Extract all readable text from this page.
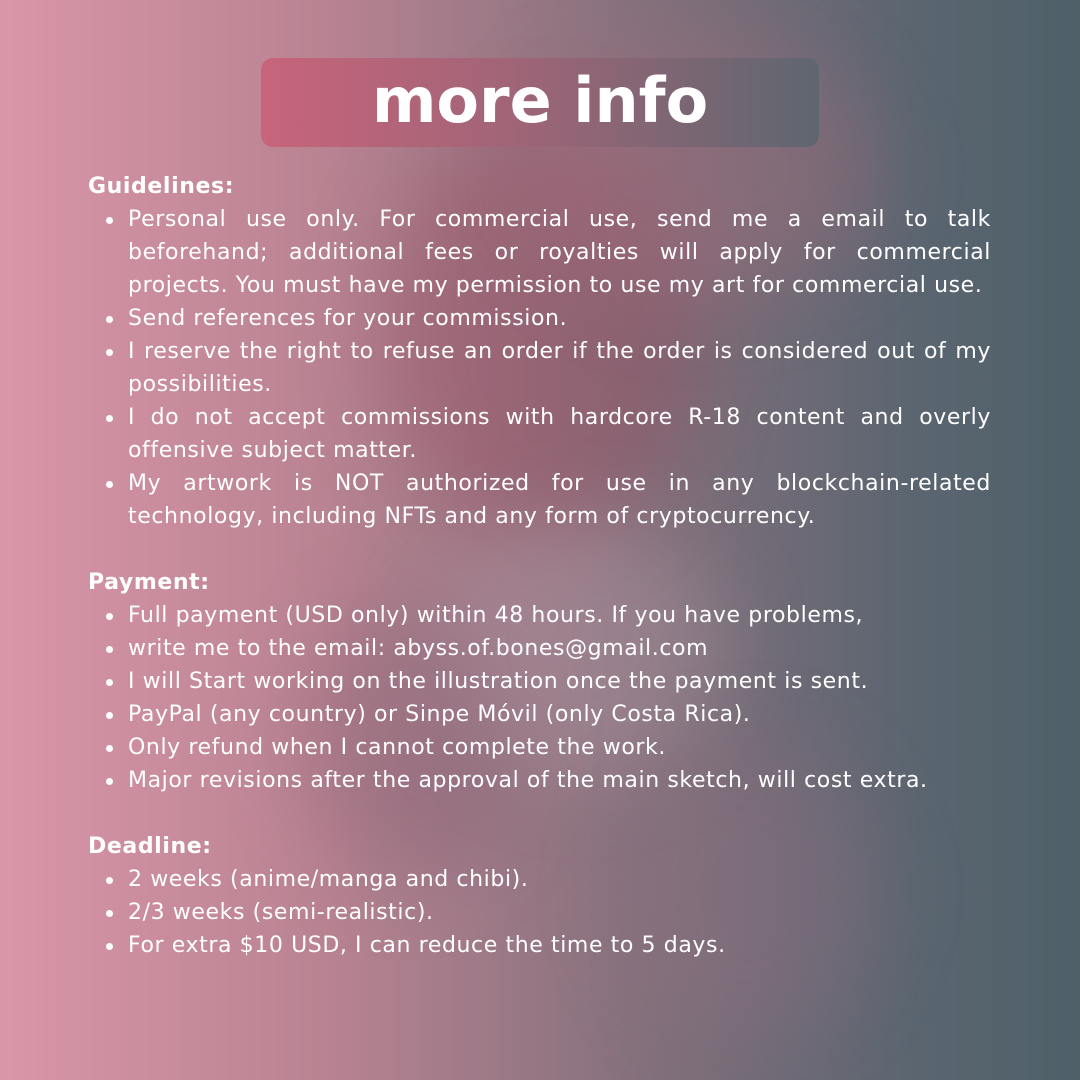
more info

Guidelines:

Personal use only. For commercial use, send me a email to talk beforehand; additional fees or royalties will apply for commercial projects. You must have my permission to use my art for commercial use.
Send references for your commission.
I reserve the right to refuse an order if the order is considered out of my possibilities.
I do not accept commissions with hardcore R-18 content and overly offensive subject matter.
My artwork is NOT authorized for use in any blockchain-related technology, including NFTs and any form of cryptocurrency.

Payment:

Full payment (USD only) within 48 hours. If you have problems,
write me to the email: abyss.of.bones@gmail.com
I will Start working on the illustration once the payment is sent.
PayPal (any country) or Sinpe Móvil (only Costa Rica).
Only refund when I cannot complete the work.
Major revisions after the approval of the main sketch, will cost extra.

Deadline:

2 weeks (anime/manga and chibi).
2/3 weeks (semi-realistic).
For extra $10 USD, I can reduce the time to 5 days.
